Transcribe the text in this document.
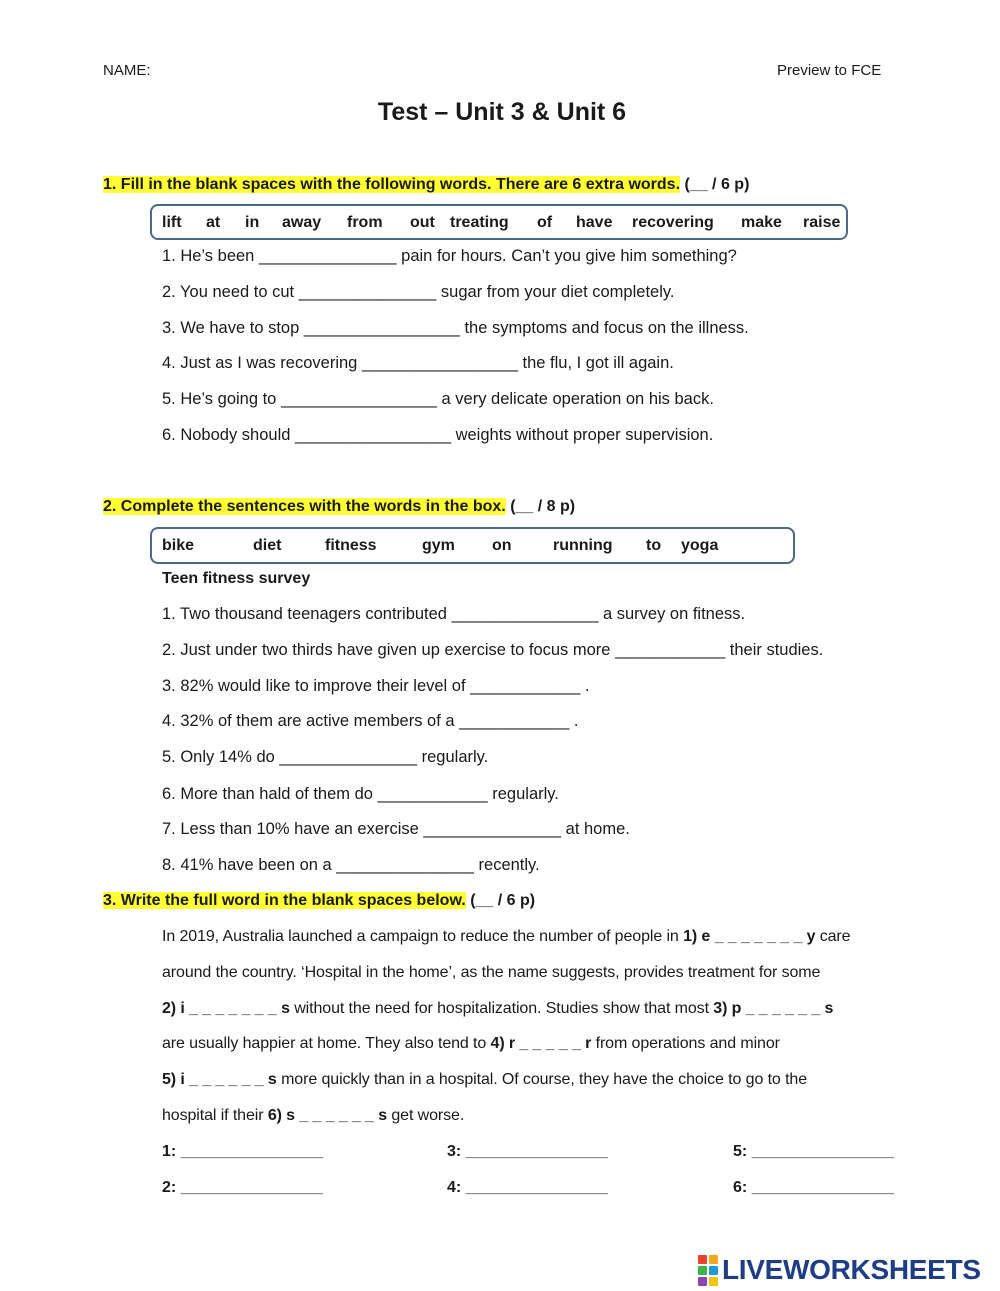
NAME:	Preview to FCE
Test – Unit 3 & Unit 6
1. Fill in the blank spaces with the following words. There are 6 extra words. (__ / 6 p)
lift at in away from out treating of have recovering make raise
1. He’s been _______________ pain for hours. Can’t you give him something?
2. You need to cut _______________ sugar from your diet completely.
3. We have to stop _________________ the symptoms and focus on the illness.
4. Just as I was recovering _________________ the flu, I got ill again.
5. He’s going to _________________ a very delicate operation on his back.
6. Nobody should _________________ weights without proper supervision.
2. Complete the sentences with the words in the box. (__ / 8 p)
bike	diet	fitness	gym on	running to yoga
Teen fitness survey
1. Two thousand teenagers contributed ________________ a survey on fitness.
2. Just under two thirds have given up exercise to focus more ____________ their studies.
3. 82% would like to improve their level of ____________ .
4. 32% of them are active members of a ____________ .
5. Only 14% do _______________ regularly.
6. More than hald of them do ____________ regularly.
7. Less than 10% have an exercise _______________ at home.
8. 41% have been on a _______________ recently.
3. Write the full word in the blank spaces below. (__ / 6 p)
In 2019, Australia launched a campaign to reduce the number of people in 1) e _ _ _ _ _ _ _ y care
around the country. ‘Hospital in the home’, as the name suggests, provides treatment for some
2) i _ _ _ _ _ _ _ s without the need for hospitalization. Studies show that most 3) p _ _ _ _ _ _ s
are usually happier at home. They also tend to 4) r _ _ _ _ _ r from operations and minor
5) i _ _ _ _ _ _ s more quickly than in a hospital. Of course, they have the choice to go to the
hospital if their 6) s _ _ _ _ _ _ s get worse.
1: ________________	3: ________________	5: ________________
2: ________________	4: ________________	6: ________________
LIVEWORKSHEETS
